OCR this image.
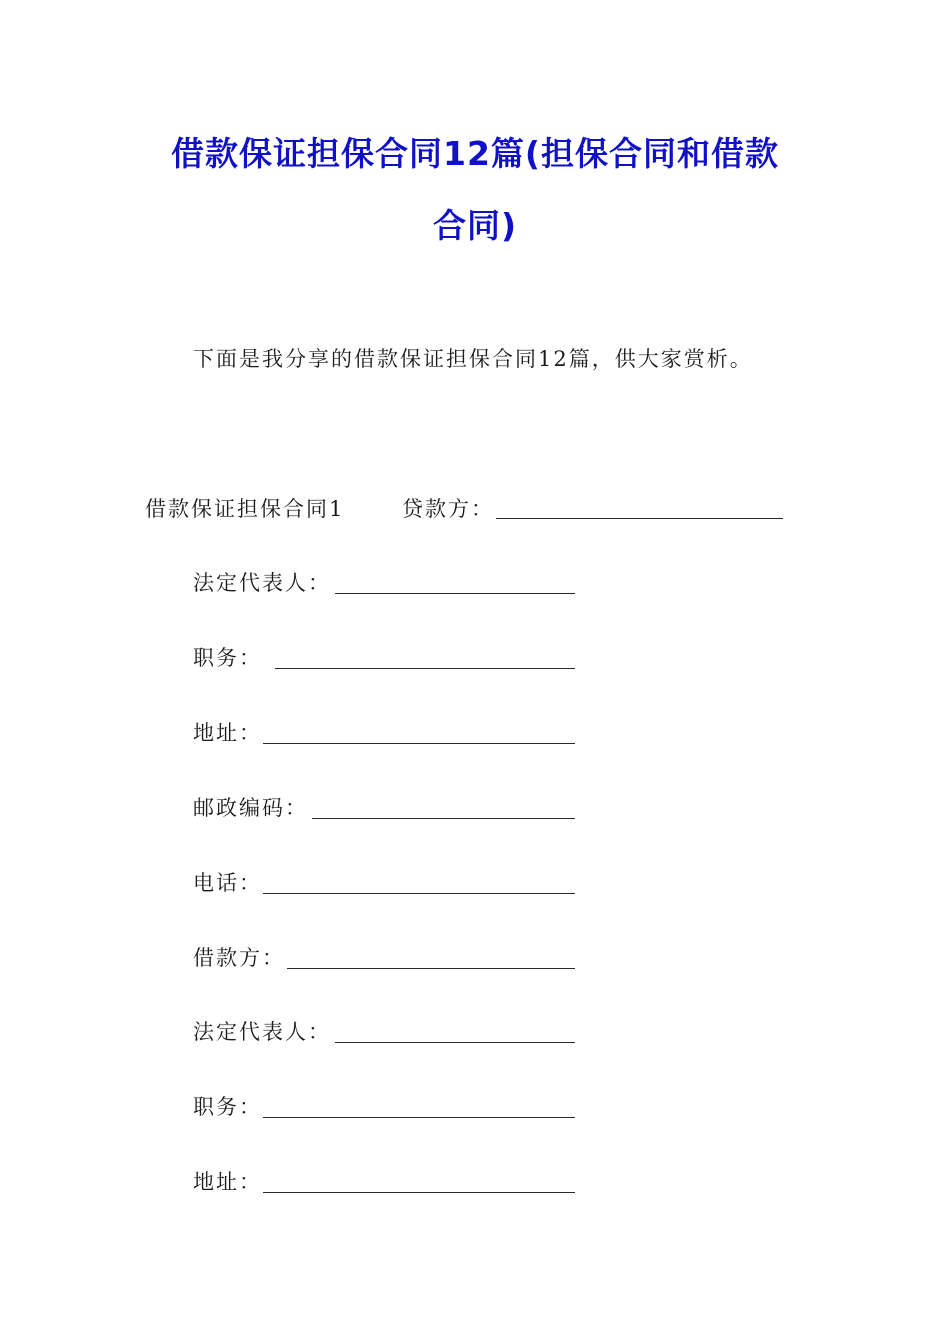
借款保证担保合同12篇(担保合同和借款
合同)
下面是我分享的借款保证担保合同12篇，供大家赏析。
借款保证担保合同1	贷款方：
法定代表人：
职务：
地址：
邮政编码：
电话：
借款方：
法定代表人：
职务：
地址：
